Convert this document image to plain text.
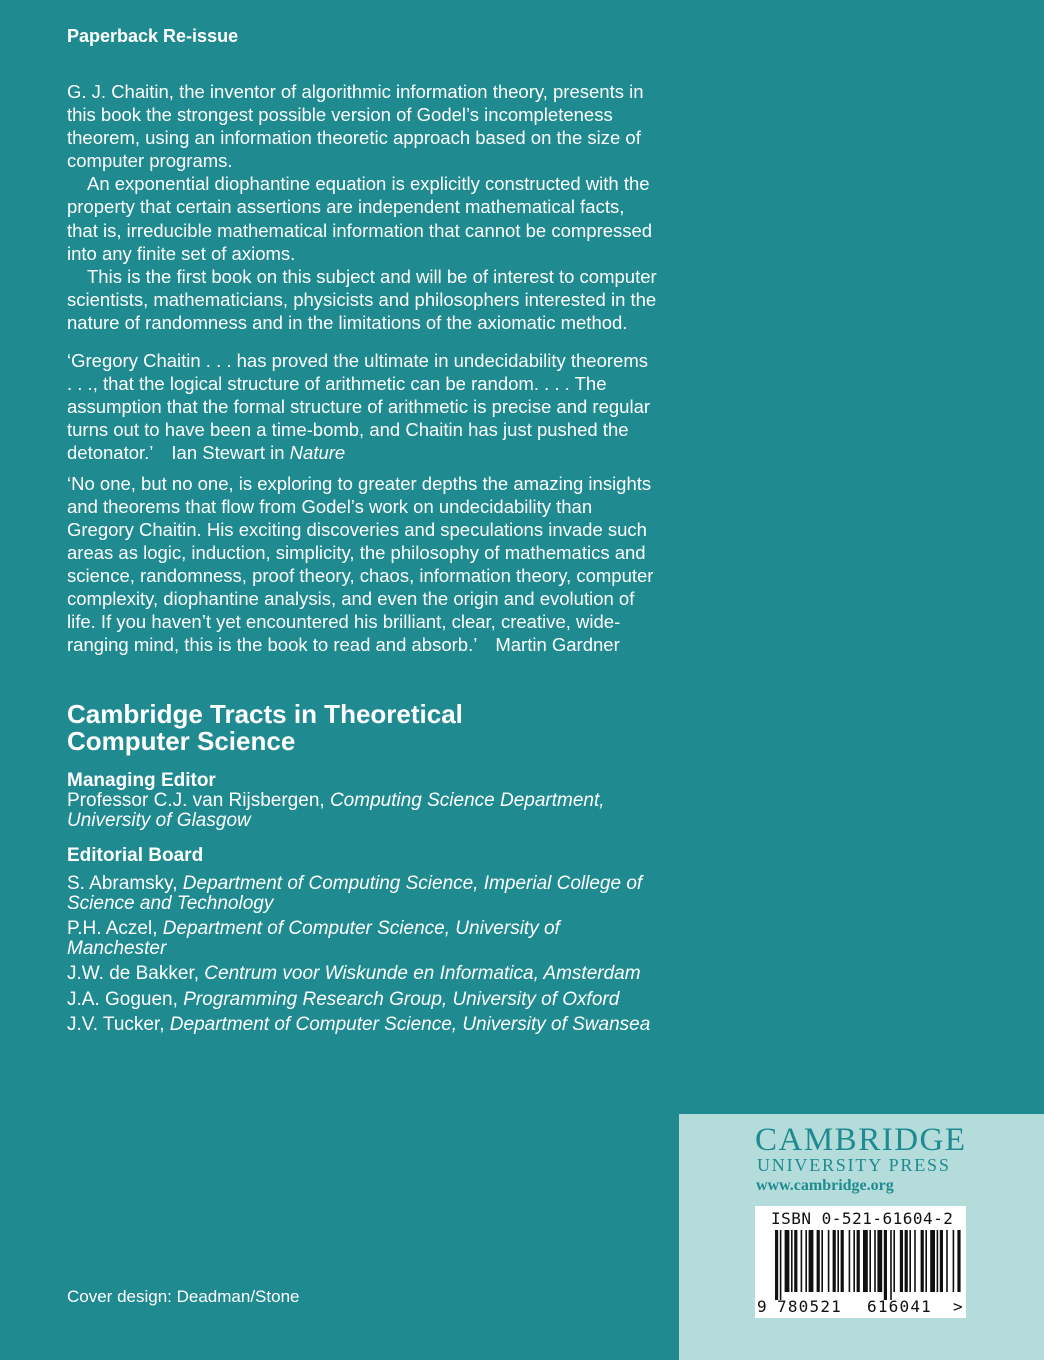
Paperback Re-issue

G. J. Chaitin, the inventor of algorithmic information theory, presents in this book the strongest possible version of Godel’s incompleteness theorem, using an information theoretic approach based on the size of computer programs.

An exponential diophantine equation is explicitly constructed with the property that certain assertions are independent mathematical facts, that is, irreducible mathematical information that cannot be compressed into any finite set of axioms.

This is the first book on this subject and will be of interest to computer scientists, mathematicians, physicists and philosophers interested in the nature of randomness and in the limitations of the axiomatic method.

‘Gregory Chaitin . . . has proved the ultimate in undecidability theorems . . ., that the logical structure of arithmetic can be random. . . . The assumption that the formal structure of arithmetic is precise and regular turns out to have been a time-bomb, and Chaitin has just pushed the detonator.’ Ian Stewart in Nature

‘No one, but no one, is exploring to greater depths the amazing insights and theorems that flow from Godel’s work on undecidability than Gregory Chaitin. His exciting discoveries and speculations invade such areas as logic, induction, simplicity, the philosophy of mathematics and science, randomness, proof theory, chaos, information theory, computer complexity, diophantine analysis, and even the origin and evolution of life. If you haven’t yet encountered his brilliant, clear, creative, wide-ranging mind, this is the book to read and absorb.’ Martin Gardner

Cambridge Tracts in Theoretical
Computer Science
Managing Editor
Professor C.J. van Rijsbergen, Computing Science Department, University of Glasgow
Editorial Board
S. Abramsky, Department of Computing Science, Imperial College of Science and Technology
P.H. Aczel, Department of Computer Science, University of Manchester
J.W. de Bakker, Centrum voor Wiskunde en Informatica, Amsterdam
J.A. Goguen, Programming Research Group, University of Oxford
J.V. Tucker, Department of Computer Science, University of Swansea
Cover design: Deadman/Stone
CAMBRIDGE
UNIVERSITY PRESS
www.cambridge.org
ISBN 0-521-61604-2
9 780521 616041 >
